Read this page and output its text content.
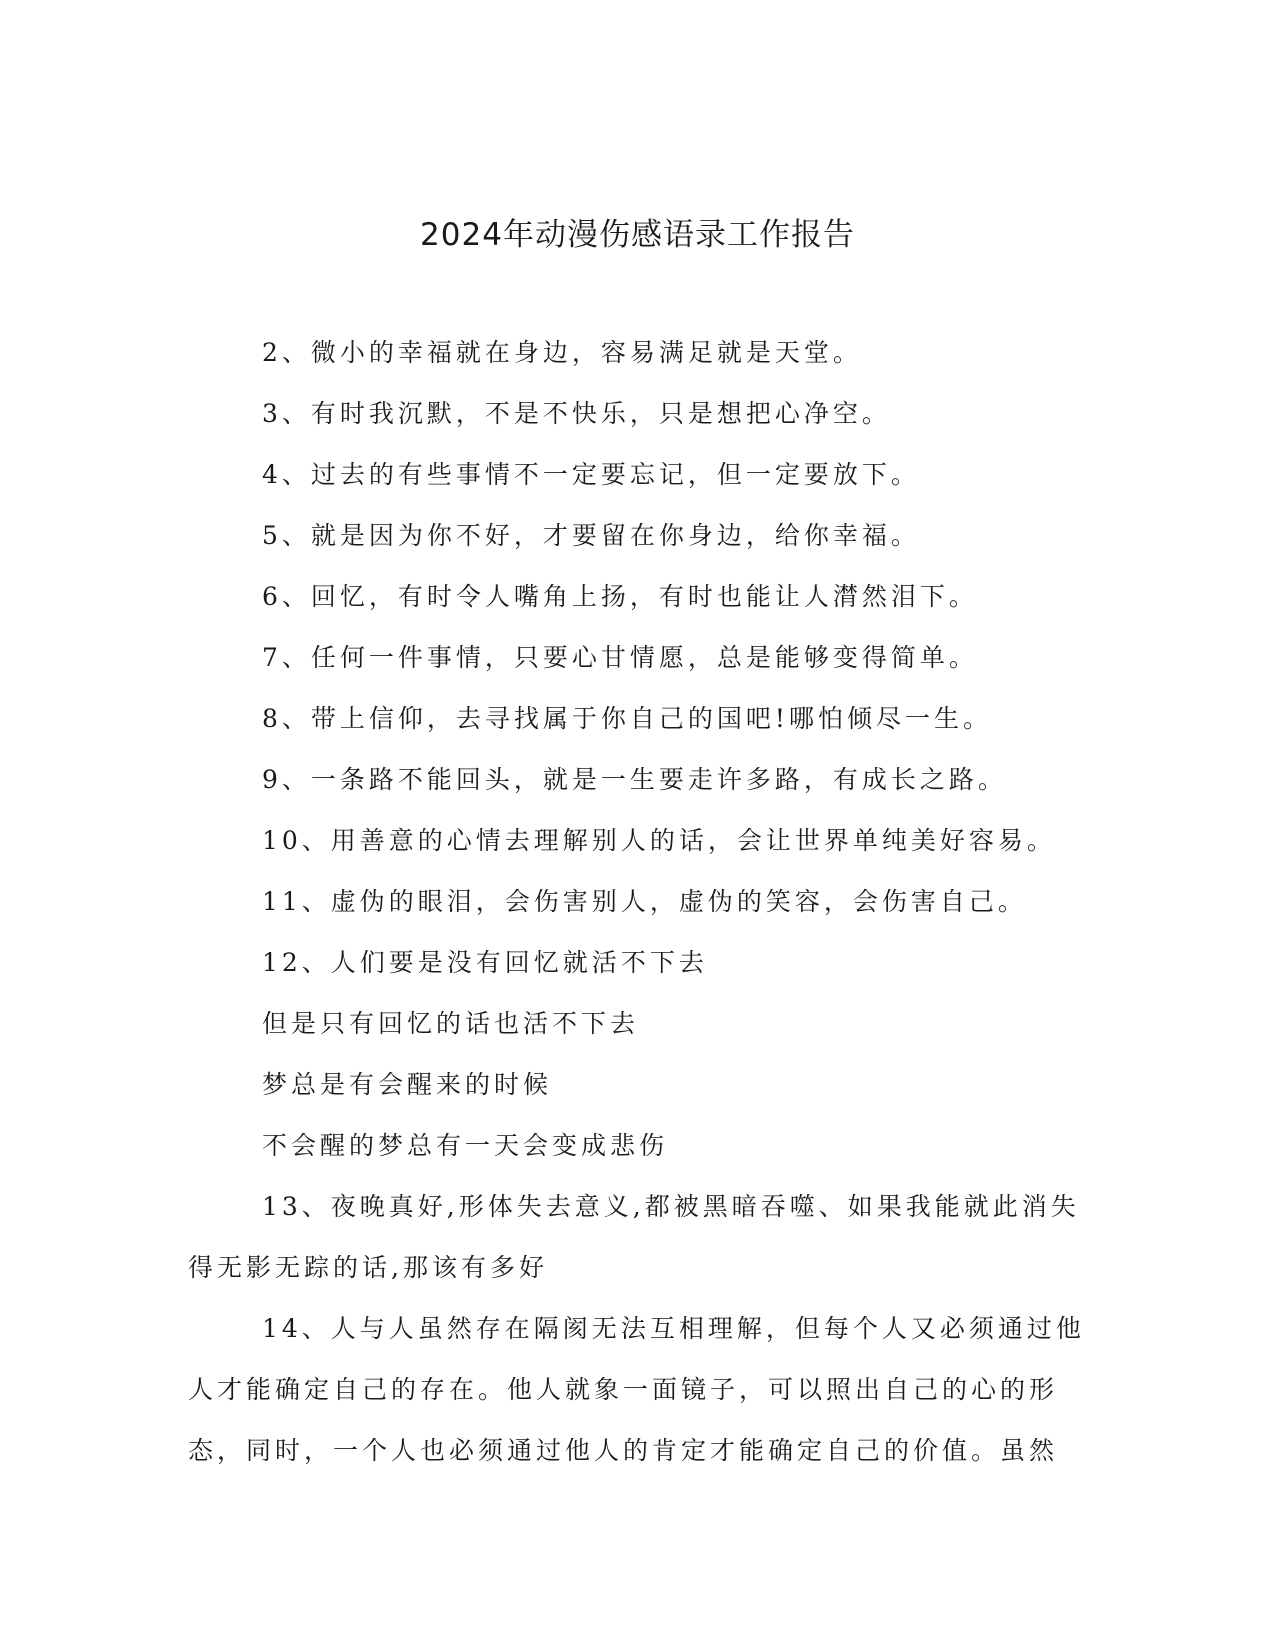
2024年动漫伤感语录工作报告
2、微小的幸福就在身边，容易满足就是天堂。
3、有时我沉默，不是不快乐，只是想把心净空。
4、过去的有些事情不一定要忘记，但一定要放下。
5、就是因为你不好，才要留在你身边，给你幸福。
6、回忆，有时令人嘴角上扬，有时也能让人潸然泪下。
7、任何一件事情，只要心甘情愿，总是能够变得简单。
8、带上信仰，去寻找属于你自己的国吧!哪怕倾尽一生。
9、一条路不能回头，就是一生要走许多路，有成长之路。
10、用善意的心情去理解别人的话，会让世界单纯美好容易。
11、虚伪的眼泪，会伤害别人，虚伪的笑容，会伤害自己。
12、人们要是没有回忆就活不下去
但是只有回忆的话也活不下去
梦总是有会醒来的时候
不会醒的梦总有一天会变成悲伤
13、夜晚真好,形体失去意义,都被黑暗吞噬、如果我能就此消失
得无影无踪的话,那该有多好
14、人与人虽然存在隔阂无法互相理解，但每个人又必须通过他
人才能确定自己的存在。他人就象一面镜子，可以照出自己的心的形
态，同时，一个人也必须通过他人的肯定才能确定自己的价值。虽然
